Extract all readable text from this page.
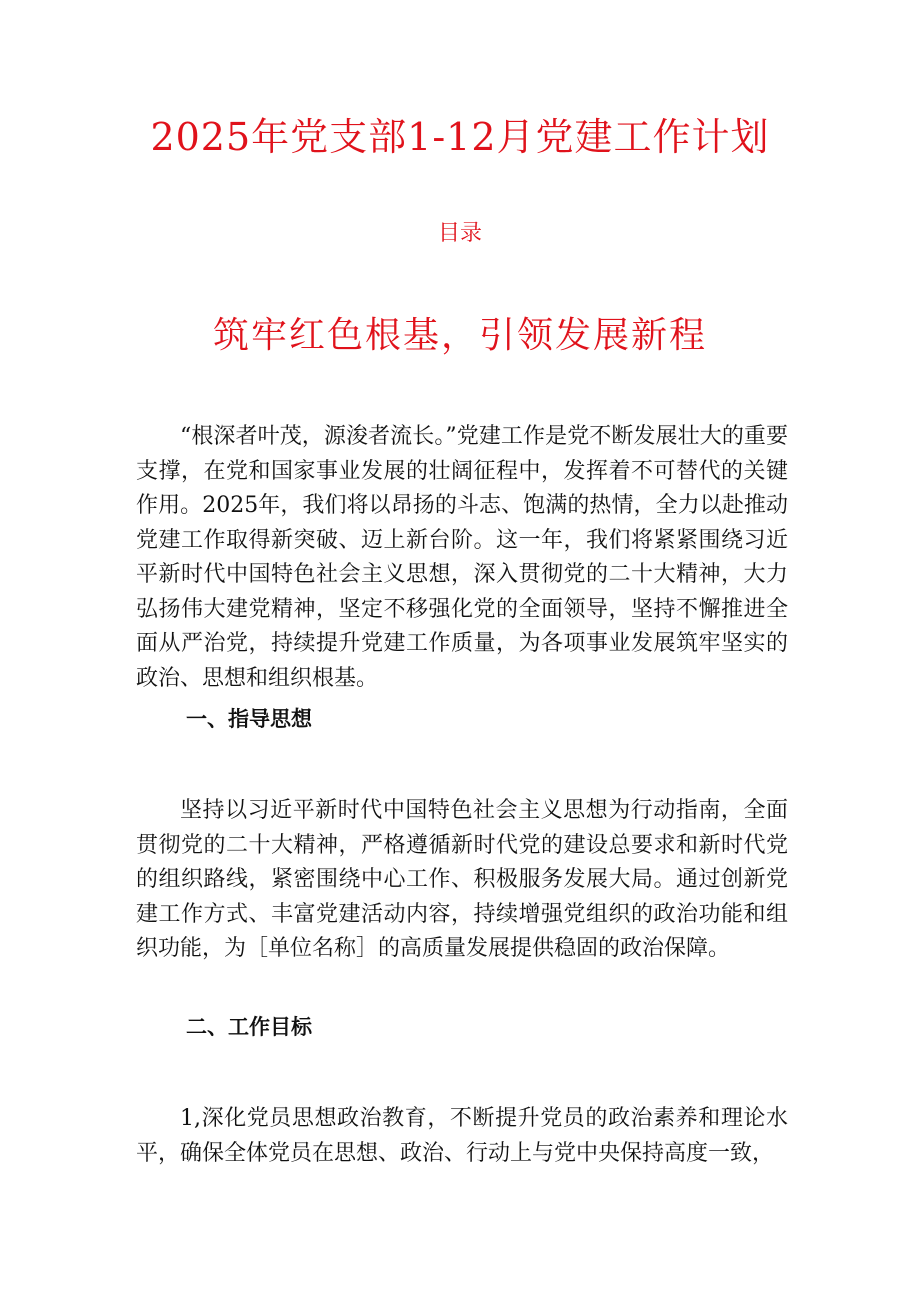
2025年党支部1-12月党建工作计划
目录
筑牢红色根基，引领发展新程

“根深者叶茂，源浚者流长。”党建工作是党不断发展壮大的重要支撑，在党和国家事业发展的壮阔征程中，发挥着不可替代的关键作用。2025年，我们将以昂扬的斗志、饱满的热情，全力以赴推动党建工作取得新突破、迈上新台阶。这一年，我们将紧紧围绕习近平新时代中国特色社会主义思想，深入贯彻党的二十大精神，大力弘扬伟大建党精神，坚定不移强化党的全面领导，坚持不懈推进全面从严治党，持续提升党建工作质量，为各项事业发展筑牢坚实的政治、思想和组织根基。

一、指导思想

坚持以习近平新时代中国特色社会主义思想为行动指南，全面贯彻党的二十大精神，严格遵循新时代党的建设总要求和新时代党的组织路线，紧密围绕中心工作、积极服务发展大局。通过创新党建工作方式、丰富党建活动内容，持续增强党组织的政治功能和组织功能，为［单位名称］的高质量发展提供稳固的政治保障。

二、工作目标

1,深化党员思想政治教育，不断提升党员的政治素养和理论水平，确保全体党员在思想、政治、行动上与党中央保持高度一致，
